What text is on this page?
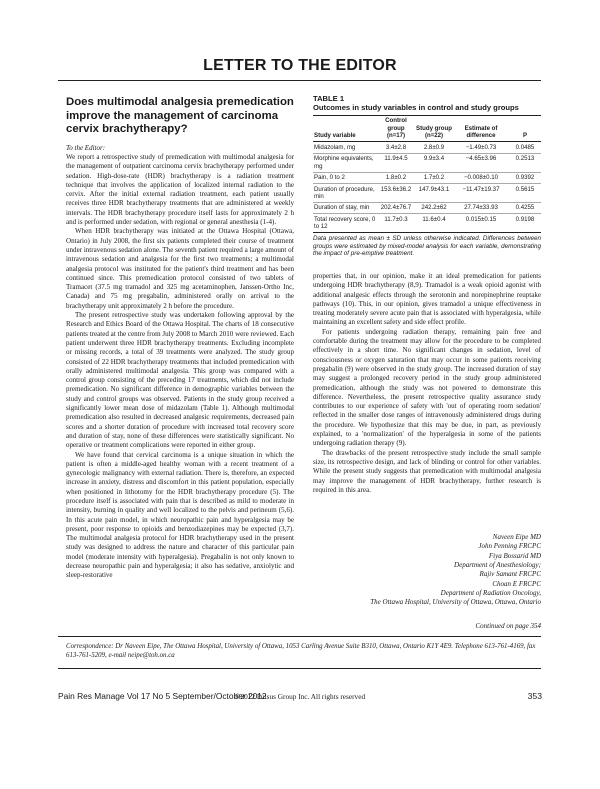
LETTER TO THE EDITOR
Does multimodal analgesia premedication improve the management of carcinoma cervix brachytherapy?
To the Editor:

We report a retrospective study of premedication with multimodal analgesia for the management of outpatient carcinoma cervix brachytherapy performed under sedation. High-dose-rate (HDR) brachytherapy is a radiation treatment technique that involves the application of localized internal radiation to the cervix. After the initial external radiation treatment, each patient usually receives three HDR brachytherapy treatments that are administered at weekly intervals. The HDR brachytherapy procedure itself lasts for approximately 2 h and is performed under sedation, with regional or general anesthesia (1-4).

When HDR brachytherapy was initiated at the Ottawa Hospital (Ottawa, Ontario) in July 2008, the first six patients completed their course of treatment under intravenous sedation alone. The seventh patient required a large amount of intravenous sedation and analgesia for the first two treatments; a multimodal analgesia protocol was instituted for the patient's third treatment and has been continued since. This premedication protocol consisted of two tablets of Tramacet (37.5 mg tramadol and 325 mg acetaminophen, Janssen-Ortho Inc, Canada) and 75 mg pregabalin, administered orally on arrival to the brachytherapy unit approximately 2 h before the procedure.

The present retrospective study was undertaken following approval by the Research and Ethics Board of the Ottawa Hospital. The charts of 18 consecutive patients treated at the centre from July 2008 to March 2010 were reviewed. Each patient underwent three HDR brachytherapy treatments. Excluding incomplete or missing records, a total of 39 treatments were analyzed. The study group consisted of 22 HDR brachytherapy treatments that included premedication with orally administered multimodal analgesia. This group was compared with a control group consisting of the preceding 17 treatments, which did not include premedication. No significant difference in demographic variables between the study and control groups was observed. Patients in the study group received a significantly lower mean dose of midazolam (Table 1). Although multimodal premedication also resulted in decreased analgesic requirements, decreased pain scores and a shorter duration of procedure with increased total recovery score and duration of stay, none of these differences were statistically significant. No operative or treatment complications were reported in either group.

We have found that cervical carcinoma is a unique situation in which the patient is often a middle-aged healthy woman with a recent treatment of a gynecologic malignancy with external radiation. There is, therefore, an expected increase in anxiety, distress and discomfort in this patient population, especially when positioned in lithotomy for the HDR brachytherapy procedure (5). The procedure itself is associated with pain that is described as mild to moderate in intensity, burning in quality and well localized to the pelvis and perineum (5,6). In this acute pain model, in which neuropathic pain and hyperalgesia may be present, poor response to opioids and benzodiazepines may be expected (3,7). The multimodal analgesia protocol for HDR brachytherapy used in the present study was designed to address the nature and character of this particular pain model (moderate intensity with hyperalgesia). Pregabalin is not only known to decrease neuropathic pain and hyperalgesia; it also has sedative, anxiolytic and sleep-restorative

TABLE 1
Outcomes in study variables in control and study groups
Study variable	Control group (n=17)	Study group (n=22)	Estimate of difference	P
Midazolam, mg	3.4±2.8	2.8±0.9	−1.49±0.73	0.0485
Morphine equivalents, mg	11.9±4.5	9.9±3.4	−4.65±3.96	0.2513
Pain, 0 to 2	1.8±0.2	1.7±0.2	−0.008±0.10	0.9392
Duration of procedure, min	153.6±36.2	147.9±43.1	−11.47±19.37	0.5615
Duration of stay, min	202.4±76.7	242.2±62	27.74±33.93	0.4255
Total recovery score, 0 to 12	11.7±0.3	11.6±0.4	0.015±0.15	0.9198
Data presented as mean ± SD unless otherwise indicated. Differences between groups were estimated by mixed-model analysis for each variable, demonstrating the impact of pre-emptive treatment.

properties that, in our opinion, make it an ideal premedication for patients undergoing HDR brachytherapy (8,9). Tramadol is a weak opioid agonist with additional analgesic effects through the serotonin and norepinephrine reuptake pathways (10). This, in our opinion, gives tramadol a unique effectiveness in treating moderately severe acute pain that is associated with hyperalgesia, while maintaining an excellent safety and side effect profile.

For patients undergoing radiation therapy, remaining pain free and comfortable during the treatment may allow for the procedure to be completed effectively in a short time. No significant changes in sedation, level of consciousness or oxygen saturation that may occur in some patients receiving pregabalin (9) were observed in the study group. The increased duration of stay may suggest a prolonged recovery period in the study group administered premedication, although the study was not powered to demonstrate this difference. Nevertheless, the present retrospective quality assurance study contributes to our experience of safety with 'out of operating room sedation' reflected in the smaller dose ranges of intravenously administered drugs during the procedure. We hypothesize that this may be due, in part, as previously explained, to a 'normalization' of the hyperalgesia in some of the patients undergoing radiation therapy (9).

The drawbacks of the present retrospective study include the small sample size, its retrospective design, and lack of blinding or control for other variables. While the present study suggests that premedication with multimodal analgesia may improve the management of HDR brachytherapy, further research is required in this area.

Naveen Eipe MD
John Penning FRCPC
Fiya Bossarid MD
Department of Anesthesiology;
Rajiv Samant FRCPC
Choan E FRCPC
Department of Radiation Oncology,
The Ottawa Hospital, University of Ottawa, Ottawa, Ontario
Continued on page 354
Correspondence: Dr Naveen Eipe, The Ottawa Hospital, University of Ottawa, 1053 Carling Avenue Suite B310, Ottawa, Ontario K1Y 4E9. Telephone 613-761-4169, fax 613-761-5209, e-mail neipe@toh.on.ca
Pain Res Manage Vol 17 No 5 September/October 2012
©2012 Pulsus Group Inc. All rights reserved	353
